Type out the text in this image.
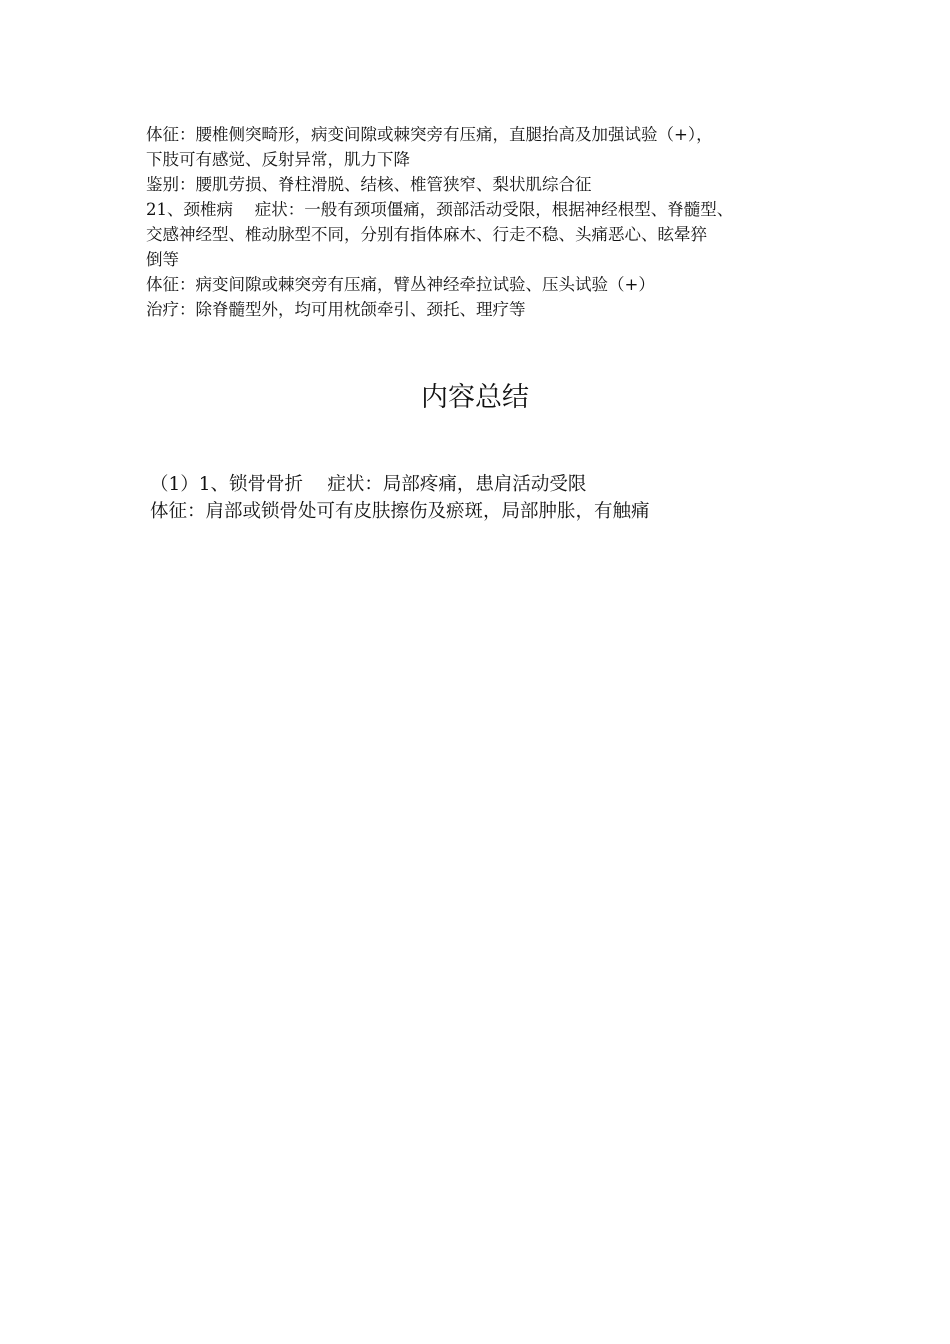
体征：腰椎侧突畸形，病变间隙或棘突旁有压痛，直腿抬高及加强试验（+），

下肢可有感觉、反射异常，肌力下降

鉴别：腰肌劳损、脊柱滑脱、结核、椎管狭窄、梨状肌综合征

21、颈椎病　 症状：一般有颈项僵痛，颈部活动受限，根据神经根型、脊髓型、

交感神经型、椎动脉型不同，分别有指体麻木、行走不稳、头痛恶心、眩晕猝

倒等

体征：病变间隙或棘突旁有压痛，臂丛神经牵拉试验、压头试验（+）

治疗：除脊髓型外，均可用枕颌牵引、颈托、理疗等

内容总结

（1）1、锁骨骨折　 症状：局部疼痛，患肩活动受限

体征：肩部或锁骨处可有皮肤擦伤及瘀斑，局部肿胀，有触痛
